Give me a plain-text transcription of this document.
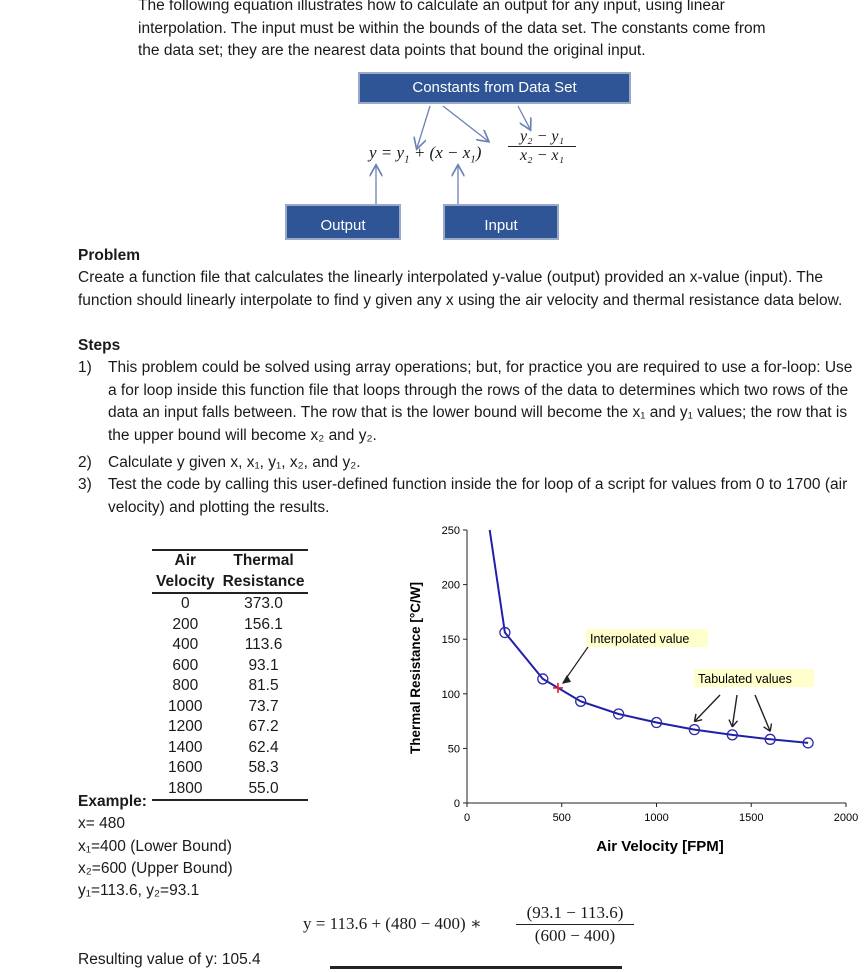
The following equation illustrates how to calculate an output for any input, using linear
interpolation. The input must be within the bounds of the data set. The constants come from
the data set; they are the nearest data points that bound the original input.
Constants from Data Set
Output	Input
$y = y_1 + (x - x_1) \frac{\text{y₂ − y₁}}{\text{x₂ − x₁}}$
Problem
Create a function file that calculates the linearly interpolated y-value (output) provided an x-value (input). The function should linearly interpolate to find y given any x using the air velocity and thermal resistance data below.
Steps
1) This problem could be solved using array operations; but, for practice you are required to use a for-loop: Use a for loop inside this function file that loops through the rows of the data to determines which two rows of the data an input falls between. The row that is the lower bound will become the x₁ and y₁ values; the row that is the upper bound will become x₂ and y₂.
2) Calculate y given x, x₁, y₁, x₂, and y₂.
3) Test the code by calling this user-defined function inside the for loop of a script for values from 0 to 1700 (air velocity) and plotting the results.
Air	Thermal
Velocity	Resistance
0	373.0
200	156.1
400	113.6
600	93.1
800	81.5
1000	73.7
1200	67.2
1400	62.4
1600	58.3
1800	55.0
Example:
x= 480
x₁=400 (Lower Bound)
x₂=600 (Upper Bound)
y₁=113.6, y₂=93.1
Resulting value of y: 105.4
y = 113.6 + (480 − 400) ∗ $\frac{(93.1 - 113.6)}{(600 - 400)}$
0
50
100
150
200
250
0	500	1000	1500	2000
Interpolated value
Tabulated values
Thermal Resistance [°C/W]
Air Velocity [FPM]
